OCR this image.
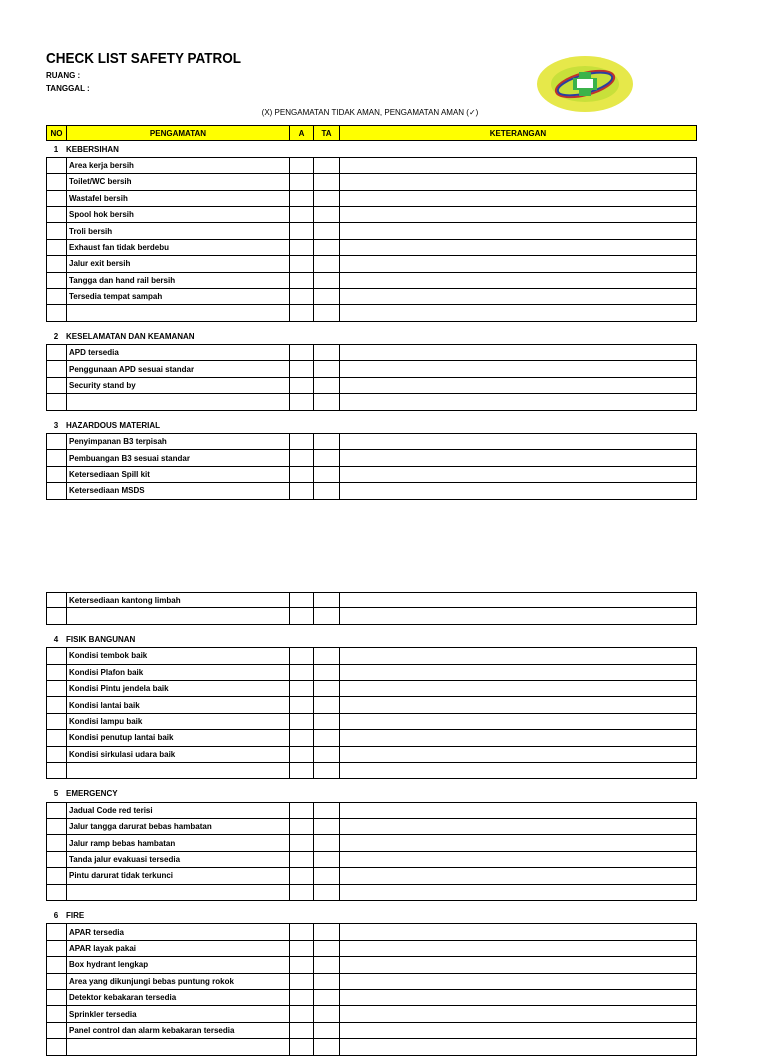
CHECK LIST SAFETY PATROL
RUANG :
TANGGAL :
(X) PENGAMATAN TIDAK AMAN, PENGAMATAN AMAN (✓)
NO	PENGAMATAN	A	TA	KETERANGAN
1 KEBERSIHAN
Area kerja bersih
Toilet/WC bersih
Wastafel bersih
Spool hok bersih
Troli bersih
Exhaust fan tidak berdebu
Jalur exit bersih
Tangga dan hand rail bersih
Tersedia tempat sampah
2 KESELAMATAN DAN KEAMANAN
APD tersedia
Penggunaan APD sesuai standar
Security stand by
3 HAZARDOUS MATERIAL
Penyimpanan B3 terpisah
Pembuangan B3 sesuai standar
Ketersediaan Spill kit
Ketersediaan MSDS
Ketersediaan kantong limbah
4 FISIK BANGUNAN
Kondisi tembok baik
Kondisi Plafon baik
Kondisi Pintu jendela baik
Kondisi lantai baik
Kondisi lampu baik
Kondisi penutup lantai baik
Kondisi sirkulasi udara baik
5 EMERGENCY
Jadual Code red terisi
Jalur tangga darurat bebas hambatan
Jalur ramp bebas hambatan
Tanda jalur evakuasi tersedia
Pintu darurat tidak terkunci
6 FIRE
APAR tersedia
APAR layak pakai
Box hydrant lengkap
Area yang dikunjungi bebas puntung rokok
Detektor kebakaran tersedia
Sprinkler tersedia
Panel control dan alarm kebakaran tersedia
